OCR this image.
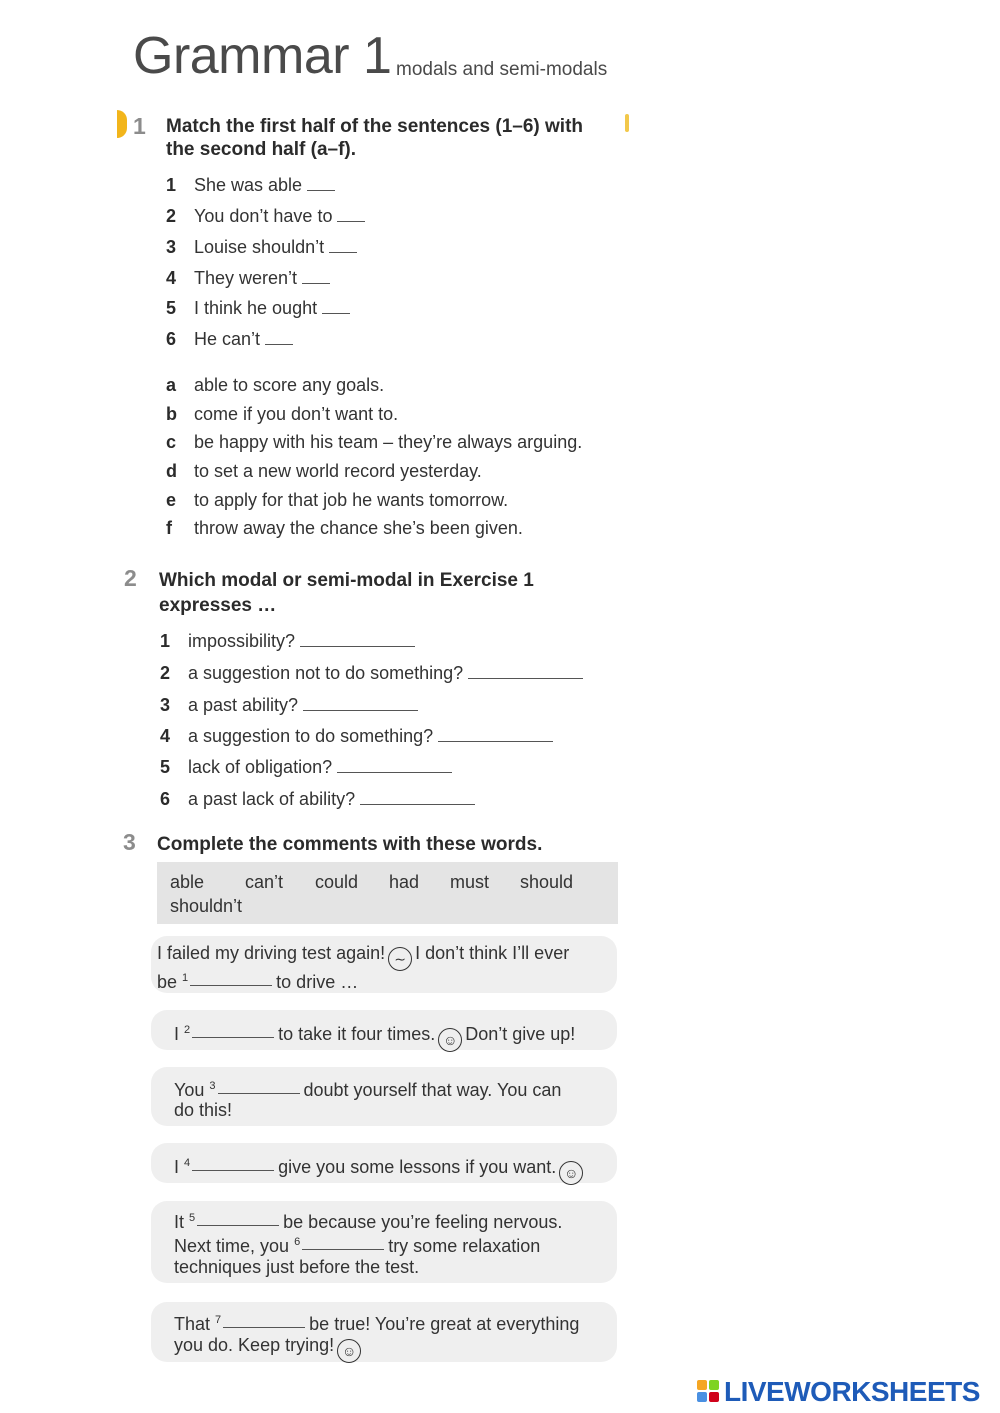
Grammar 1 modals and semi-modals
1 Match the first half of the sentences (1–6) with
the second half (a–f).
1 She was able
2 You don’t have to
3 Louise shouldn’t
4 They weren’t
5 I think he ought
6 He can’t
a able to score any goals.
b come if you don’t want to.
c be happy with his team – they’re always arguing.
d to set a new world record yesterday.
e to apply for that job he wants tomorrow.
f throw away the chance she’s been given.
2 Which modal or semi-modal in Exercise 1
expresses …
1 impossibility?
2 a suggestion not to do something?
3 a past ability?
4 a suggestion to do something?
5 lack of obligation?
6 a past lack of ability?
3 Complete the comments with these words.
able can’t could had must should
shouldn’t
I failed my driving test again! ∼ I don’t think I’ll ever
be $^1$	to drive …
I $^2$	to take it four times. ☺ Don’t give up!
You $^3$	doubt yourself that way. You can
do this!
I $^4$	give you some lessons if you want. ☺
It $^5$	be because you’re feeling nervous.
Next time, you $^6$	try some relaxation
techniques just before the test.
That $^7$	be true! You’re great at everything
you do. Keep trying! ☺
LIVEWORKSHEETS
